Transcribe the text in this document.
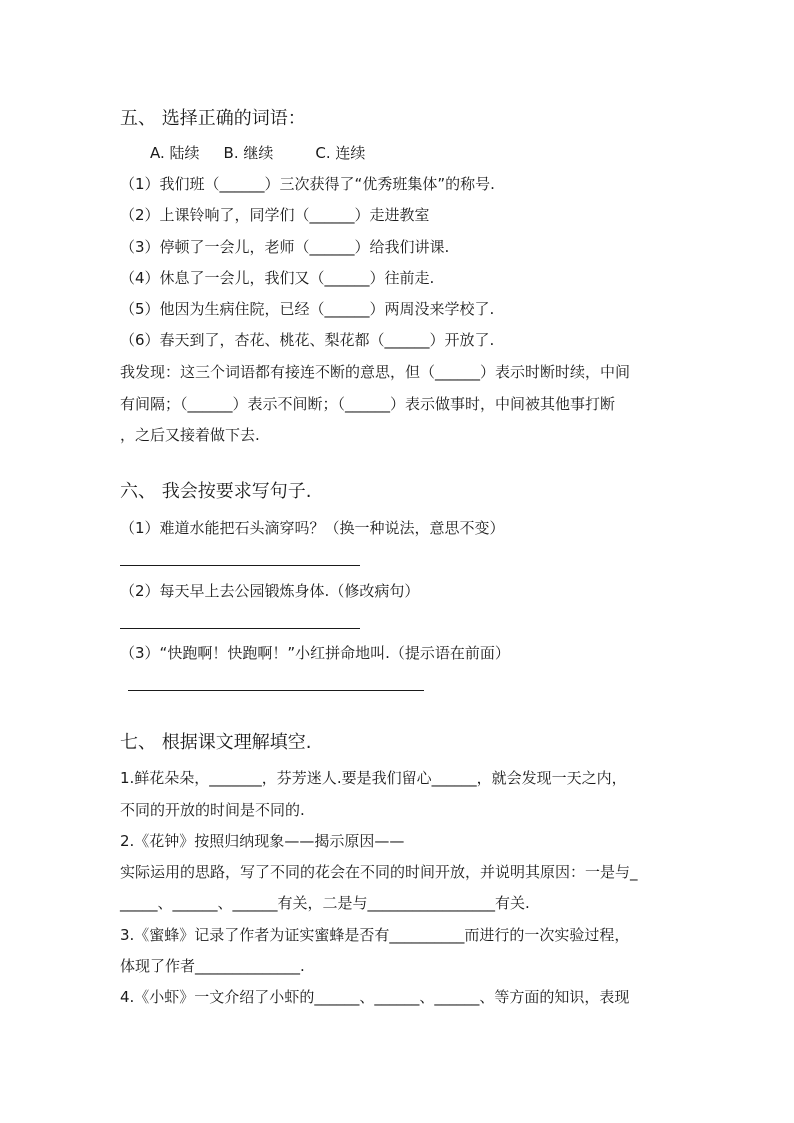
五、 选择正确的词语：
A. 陆续 B. 继续	C. 连续
（1）我们班（______）三次获得了“优秀班集体”的称号.
（2）上课铃响了，同学们（______）走进教室
（3）停顿了一会儿，老师（______）给我们讲课.
（4）休息了一会儿，我们又（______）往前走.
（5）他因为生病住院，已经（______）两周没来学校了.
（6）春天到了，杏花、桃花、梨花都（______）开放了.
我发现：这三个词语都有接连不断的意思，但（______）表示时断时续，中间
有间隔；（______）表示不间断；（______）表示做事时，中间被其他事打断
，之后又接着做下去.
六、 我会按要求写句子.
（1）难道水能把石头滴穿吗？（换一种说法，意思不变）
（2）每天早上去公园锻炼身体.（修改病句）
（3）“快跑啊！快跑啊！”小红拼命地叫.（提示语在前面）
七、 根据课文理解填空.
1.鲜花朵朵，_______，芬芳迷人.要是我们留心______，就会发现一天之内，
不同的开放的时间是不同的.
2.《花钟》按照归纳现象——揭示原因——
实际运用的思路，写了不同的花会在不同的时间开放，并说明其原因：一是与_
_____、______、______有关，二是与_________________有关.
3.《蜜蜂》记录了作者为证实蜜蜂是否有__________而进行的一次实验过程，
体现了作者______________.
4.《小虾》一文介绍了小虾的______、______、______、等方面的知识，表现
